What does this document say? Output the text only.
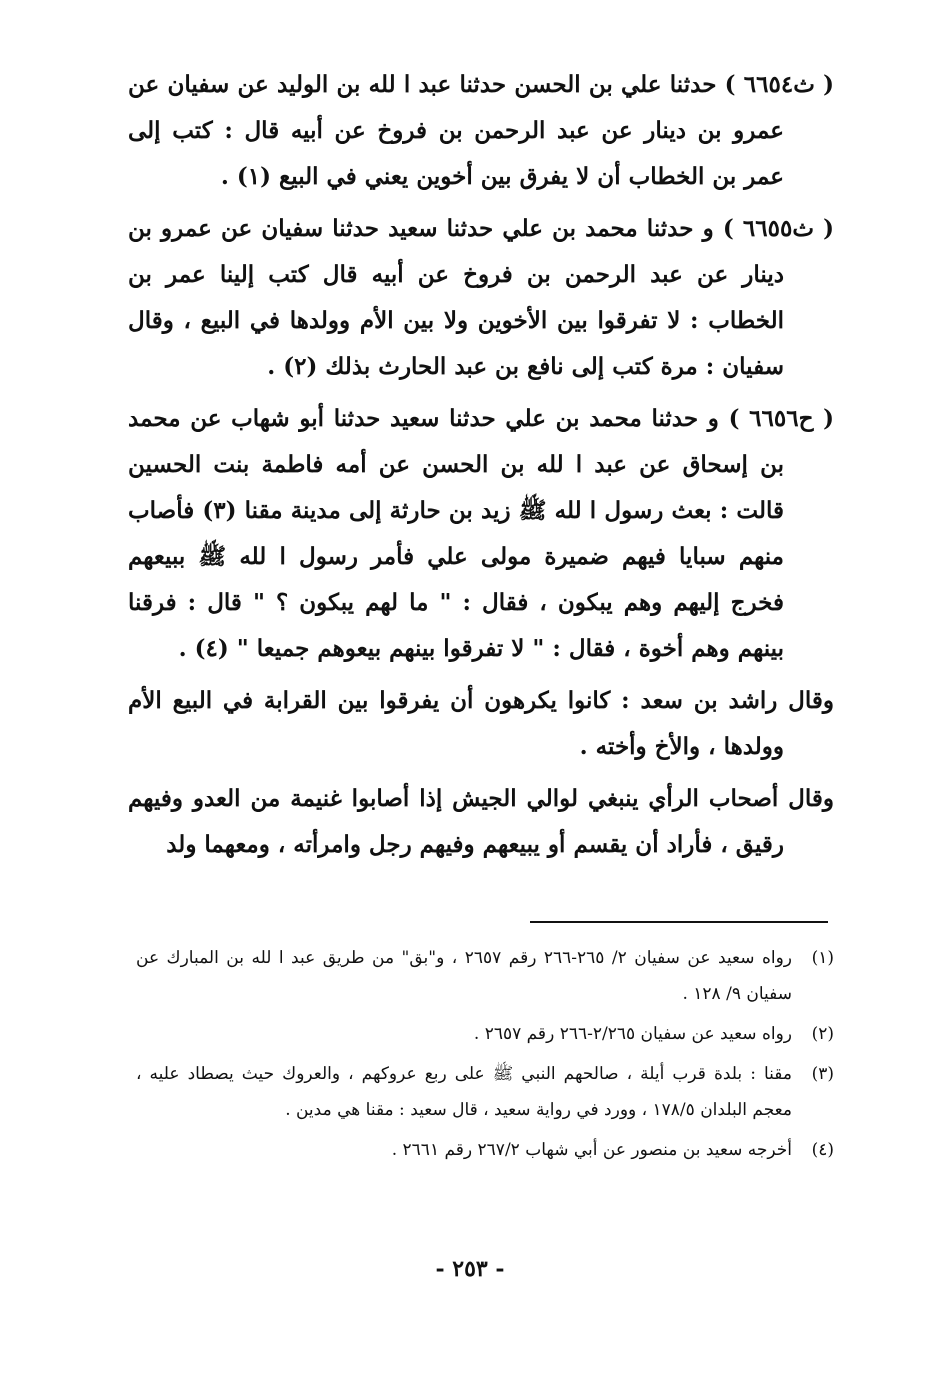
( ث٦٦٥٤ ) حدثنا علي بن الحسن حدثنا عبد ا لله بن الوليد عن سفيان عن عمرو بن دينار عن عبد الرحمن بن فروخ عن أبيه قال : كتب إلى عمر بن الخطاب أن لا يفرق بين أخوين يعني في البيع (١) .

( ث٦٦٥٥ ) و حدثنا محمد بن علي حدثنا سعيد حدثنا سفيان عن عمرو بن دينار عن عبد الرحمن بن فروخ عن أبيه قال كتب إلينا عمر بن الخطاب : لا تفرقوا بين الأخوين ولا بين الأم وولدها في البيع ، وقال سفيان : مرة كتب إلى نافع بن عبد الحارث بذلك (٢) .

( ح٦٦٥٦ ) و حدثنا محمد بن علي حدثنا سعيد حدثنا أبو شهاب عن محمد بن إسحاق عن عبد ا لله بن الحسن عن أمه فاطمة بنت الحسين قالت : بعث رسول ا لله ﷺ زيد بن حارثة إلى مدينة مقنا (٣) فأصاب منهم سبايا فيهم ضميرة مولى علي فأمر رسول ا لله ﷺ ببيعهم فخرج إليهم وهم يبكون ، فقال : " ما لهم يبكون ؟ " قال : فرقنا بينهم وهم أخوة ، فقال : " لا تفرقوا بينهم بيعوهم جميعا " (٤) .

وقال راشد بن سعد : كانوا يكرهون أن يفرقوا بين القرابة في البيع الأم وولدها ، والأخ وأخته .

وقال أصحاب الرأي ينبغي لوالي الجيش إذا أصابوا غنيمة من العدو وفيهم رقيق ، فأراد أن يقسم أو يبيعهم وفيهم رجل وامرأته ، ومعهما ولد

(١)
رواه سعيد عن سفيان ٢/ ٢٦٥-٢٦٦ رقم ٢٦٥٧ ، و"بق" من طريق عبد ا لله بن المبارك عن سفيان ٩/ ١٢٨ .
(٢)
رواه سعيد عن سفيان ٢/٢٦٥-٢٦٦ رقم ٢٦٥٧ .
(٣)
مقنا : بلدة قرب أيلة ، صالحهم النبي ﷺ على ربع عروكهم ، والعروك حيث يصطاد عليه ، معجم البلدان ١٧٨/٥ ، وورد في رواية سعيد ، قال سعيد : مقنا هي مدين .
(٤)
أخرجه سعيد بن منصور عن أبي شهاب ٢٦٧/٢ رقم ٢٦٦١ .
- ٢٥٣ -
